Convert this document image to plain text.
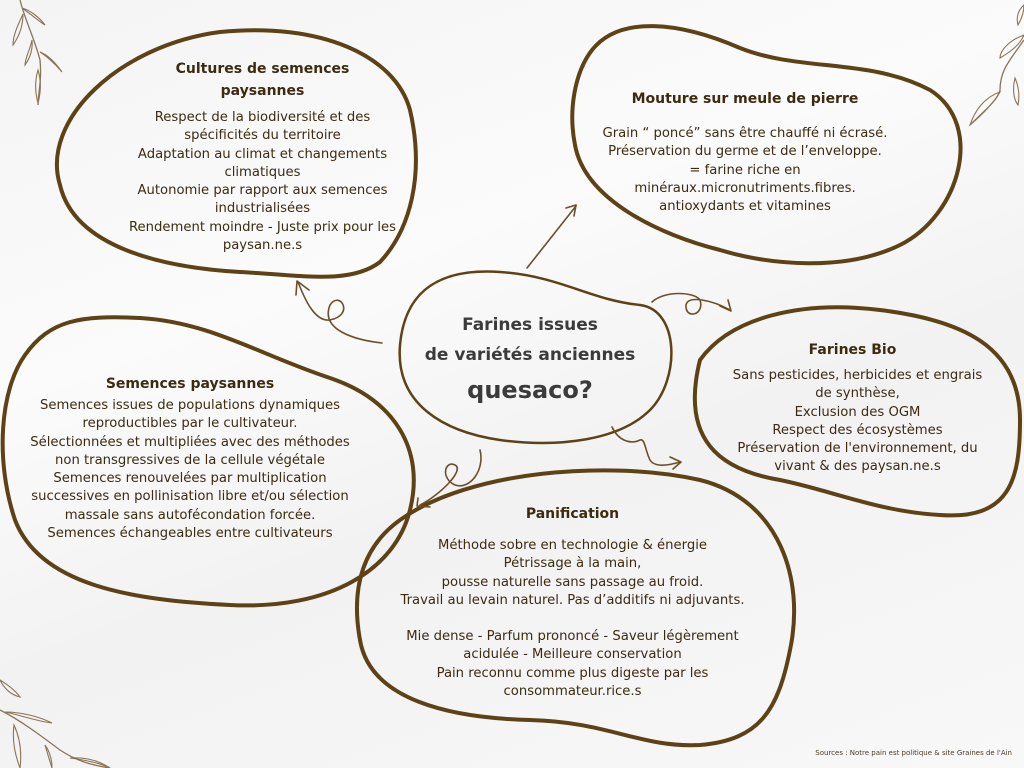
Farines issues
de variétés anciennes
quesaco?
Cultures de semences
paysannes
Respect de la biodiversité et des
spécificités du territoire
Adaptation au climat et changements
climatiques
Autonomie par rapport aux semences
industrialisées
Rendement moindre - Juste prix pour les
paysan.ne.s
Mouture sur meule de pierre
Grain “ poncé” sans être chauffé ni écrasé.
Préservation du germe et de l’enveloppe.
= farine riche en
minéraux.micronutriments.fibres.
antioxydants et vitamines
Semences paysannes
Semences issues de populations dynamiques
reproductibles par le cultivateur.
Sélectionnées et multipliées avec des méthodes
non transgressives de la cellule végétale
Semences renouvelées par multiplication
successives en pollinisation libre et/ou sélection
massale sans autofécondation forcée.
Semences échangeables entre cultivateurs
Farines Bio
Sans pesticides, herbicides et engrais
de synthèse,
Exclusion des OGM
Respect des écosystèmes
Préservation de l'environnement, du
vivant & des paysan.ne.s
Panification
Méthode sobre en technologie & énergie
Pétrissage à la main,
pousse naturelle sans passage au froid.
Travail au levain naturel. Pas d’additifs ni adjuvants.
Mie dense - Parfum prononcé - Saveur légèrement
acidulée - Meilleure conservation
Pain reconnu comme plus digeste par les
consommateur.rice.s
Sources : Notre pain est politique & site Graines de l'Ain
